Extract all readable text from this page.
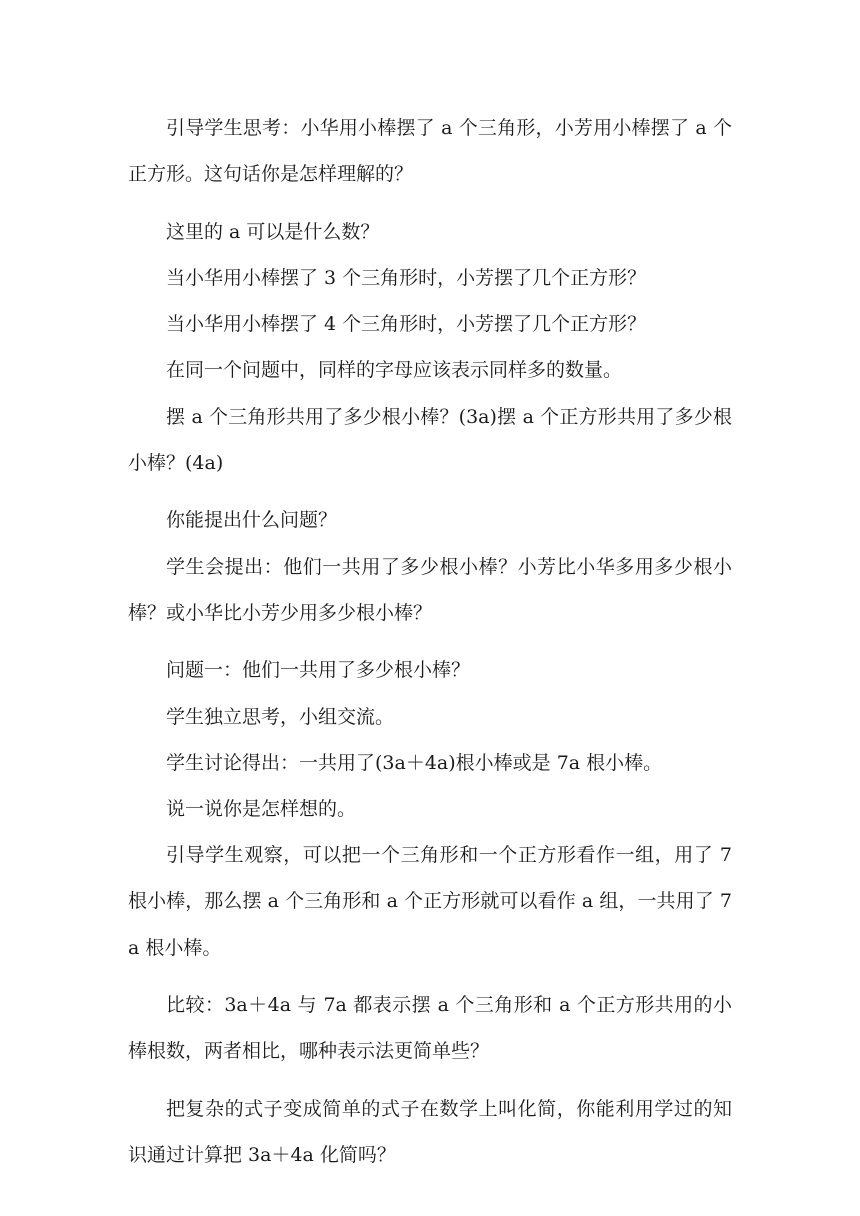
引导学生思考：小华用小棒摆了 a 个三角形，小芳用小棒摆了 a 个正方形。这句话你是怎样理解的？

这里的 a 可以是什么数？

当小华用小棒摆了 3 个三角形时，小芳摆了几个正方形？

当小华用小棒摆了 4 个三角形时，小芳摆了几个正方形？

在同一个问题中，同样的字母应该表示同样多的数量。

摆 a 个三角形共用了多少根小棒？(3a)摆 a 个正方形共用了多少根小棒？(4a)

你能提出什么问题？

学生会提出：他们一共用了多少根小棒？小芳比小华多用多少根小棒？或小华比小芳少用多少根小棒？

问题一：他们一共用了多少根小棒？

学生独立思考，小组交流。

学生讨论得出：一共用了(3a＋4a)根小棒或是 7a 根小棒。

说一说你是怎样想的。

引导学生观察，可以把一个三角形和一个正方形看作一组，用了 7 根小棒，那么摆 a 个三角形和 a 个正方形就可以看作 a 组，一共用了 7a 根小棒。

比较：3a＋4a 与 7a 都表示摆 a 个三角形和 a 个正方形共用的小棒根数，两者相比，哪种表示法更简单些？

把复杂的式子变成简单的式子在数学上叫化简，你能利用学过的知识通过计算把 3a＋4a 化简吗？
